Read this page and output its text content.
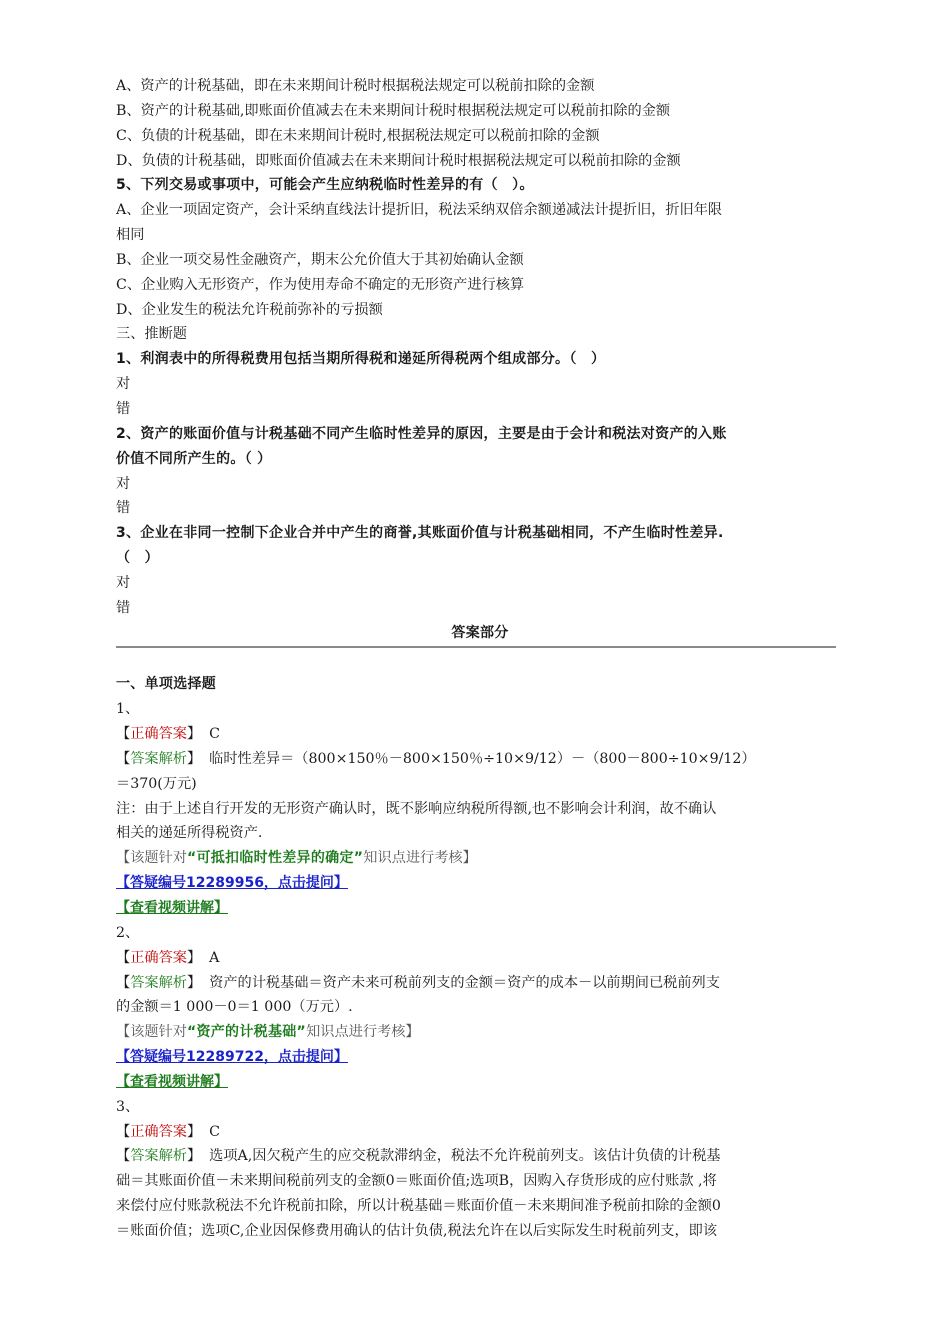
A、资产的计税基础，即在未来期间计税时根据税法规定可以税前扣除的金额
B、资产的计税基础,即账面价值减去在未来期间计税时根据税法规定可以税前扣除的金额
C、负债的计税基础，即在未来期间计税时,根据税法规定可以税前扣除的金额
D、负债的计税基础，即账面价值减去在未来期间计税时根据税法规定可以税前扣除的金额
5、下列交易或事项中，可能会产生应纳税临时性差异的有（　）。
A、企业一项固定资产，会计采纳直线法计提折旧，税法采纳双倍余额递减法计提折旧，折旧年限
相同
B、企业一项交易性金融资产，期末公允价值大于其初始确认金额
C、企业购入无形资产，作为使用寿命不确定的无形资产进行核算
D、企业发生的税法允许税前弥补的亏损额
三、推断题
1、利润表中的所得税费用包括当期所得税和递延所得税两个组成部分。（　）
对
错
2、资产的账面价值与计税基础不同产生临时性差异的原因，主要是由于会计和税法对资产的入账
价值不同所产生的。（ ）
对
错
3、企业在非同一控制下企业合并中产生的商誉,其账面价值与计税基础相同，不产生临时性差异.
（　）
对
错
答案部分
一、单项选择题
1、
【正确答案】 C
【答案解析】 临时性差异＝（800×150％－800×150％÷10×9/12）－（800－800÷10×9/12）
＝370(万元)
注：由于上述自行开发的无形资产确认时，既不影响应纳税所得额,也不影响会计利润，故不确认
相关的递延所得税资产.
【该题针对“可抵扣临时性差异的确定”知识点进行考核】
【答疑编号12289956，点击提问】
【查看视频讲解】
2、
【正确答案】 A
【答案解析】 资产的计税基础＝资产未来可税前列支的金额＝资产的成本－以前期间已税前列支
的金额＝1 000－0＝1 000（万元）.
【该题针对“资产的计税基础”知识点进行考核】
【答疑编号12289722，点击提问】
【查看视频讲解】
3、
【正确答案】 C
【答案解析】 选项A,因欠税产生的应交税款滞纳金，税法不允许税前列支。该估计负债的计税基
础＝其账面价值－未来期间税前列支的金额0＝账面价值;选项B，因购入存货形成的应付账款 ,将
来偿付应付账款税法不允许税前扣除，所以计税基础＝账面价值－未来期间准予税前扣除的金额0
＝账面价值；选项C,企业因保修费用确认的估计负债,税法允许在以后实际发生时税前列支，即该
